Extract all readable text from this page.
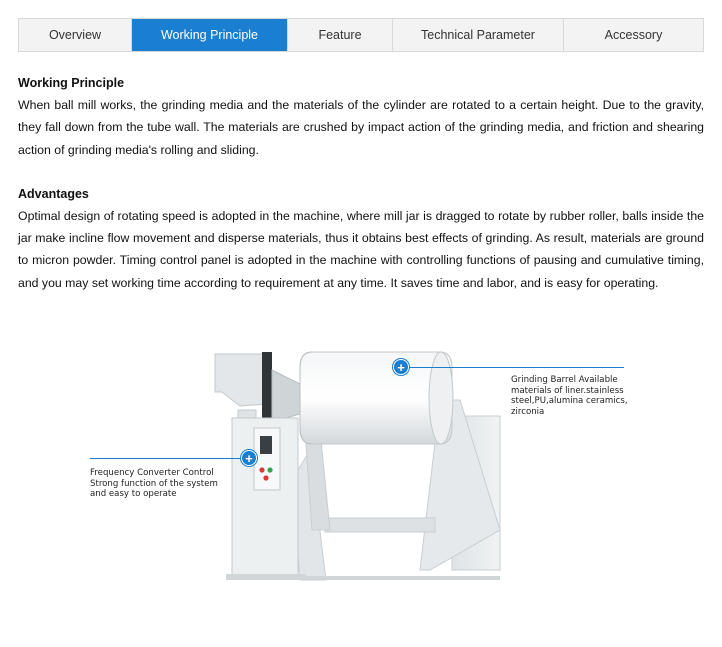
Overview	Working Principle	Feature	Technical Parameter	Accessory
Working Principle

When ball mill works, the grinding media and the materials of the cylinder are rotated to a certain height. Due to the gravity, they fall down from the tube wall. The materials are crushed by impact action of the grinding media, and friction and shearing action of grinding media's rolling and sliding.

Advantages

Optimal design of rotating speed is adopted in the machine, where mill jar is dragged to rotate by rubber roller, balls inside the jar make incline flow movement and disperse materials, thus it obtains best effects of grinding. As result, materials are ground to micron powder. Timing control panel is adopted in the machine with controlling functions of pausing and cumulative timing, and you may set working time according to requirement at any time. It saves time and labor, and is easy for operating.

+
Grinding Barrel Available
materials of liner.stainless
steel,PU,alumina ceramics,
zirconia
+
Frequency Converter Control
Strong function of the system
and easy to operate
